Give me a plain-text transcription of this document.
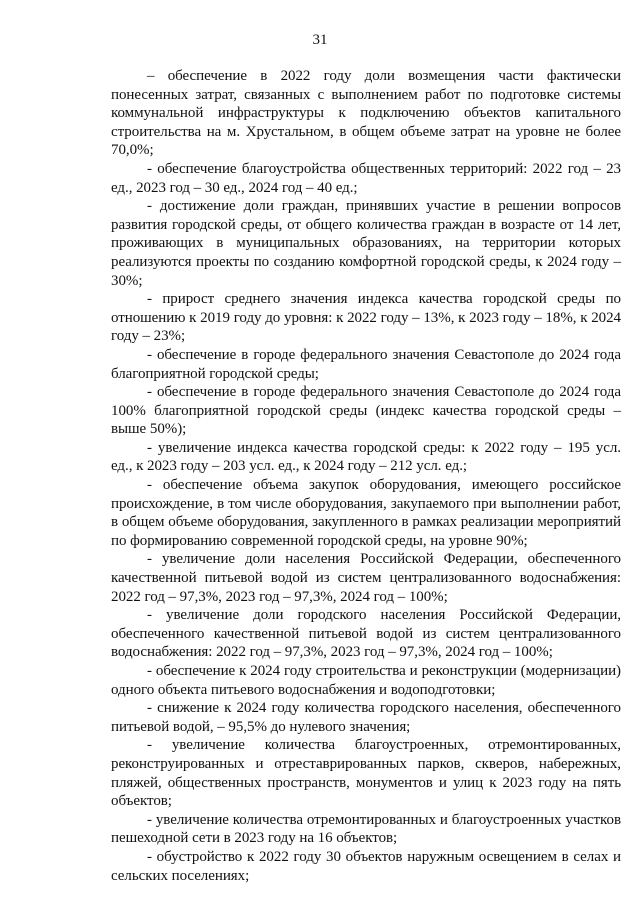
31

– обеспечение в 2022 году доли возмещения части фактически понесенных затрат, связанных с выполнением работ по подготовке системы коммунальной инфраструктуры к подключению объектов капитального строительства на м. Хрустальном, в общем объеме затрат на уровне не более 70,0%;

- обеспечение благоустройства общественных территорий: 2022 год – 23 ед., 2023 год – 30 ед., 2024 год – 40 ед.;

- достижение доли граждан, принявших участие в решении вопросов развития городской среды, от общего количества граждан в возрасте от 14 лет, проживающих в муниципальных образованиях, на территории которых реализуются проекты по созданию комфортной городской среды, к 2024 году – 30%;

- прирост среднего значения индекса качества городской среды по отношению к 2019 году до уровня: к 2022 году – 13%, к 2023 году – 18%, к 2024 году – 23%;

- обеспечение в городе федерального значения Севастополе до 2024 года благоприятной городской среды;

- обеспечение в городе федерального значения Севастополе до 2024 года 100% благоприятной городской среды (индекс качества городской среды – выше 50%);

- увеличение индекса качества городской среды: к 2022 году – 195 усл. ед., к 2023 году – 203 усл. ед., к 2024 году – 212 усл. ед.;

- обеспечение объема закупок оборудования, имеющего российское происхождение, в том числе оборудования, закупаемого при выполнении работ, в общем объеме оборудования, закупленного в рамках реализации мероприятий по формированию современной городской среды, на уровне 90%;

- увеличение доли населения Российской Федерации, обеспеченного качественной питьевой водой из систем централизованного водоснабжения: 2022 год – 97,3%, 2023 год – 97,3%, 2024 год – 100%;

- увеличение доли городского населения Российской Федерации, обеспеченного качественной питьевой водой из систем централизованного водоснабжения: 2022 год – 97,3%, 2023 год – 97,3%, 2024 год – 100%;

- обеспечение к 2024 году строительства и реконструкции (модернизации) одного объекта питьевого водоснабжения и водоподготовки;

- снижение к 2024 году количества городского населения, обеспеченного питьевой водой, – 95,5% до нулевого значения;

- увеличение количества благоустроенных, отремонтированных, реконструированных и отреставрированных парков, скверов, набережных, пляжей, общественных пространств, монументов и улиц к 2023 году на пять объектов;

- увеличение количества отремонтированных и благоустроенных участков пешеходной сети в 2023 году на 16 объектов;

- обустройство к 2022 году 30 объектов наружным освещением в селах и сельских поселениях;
